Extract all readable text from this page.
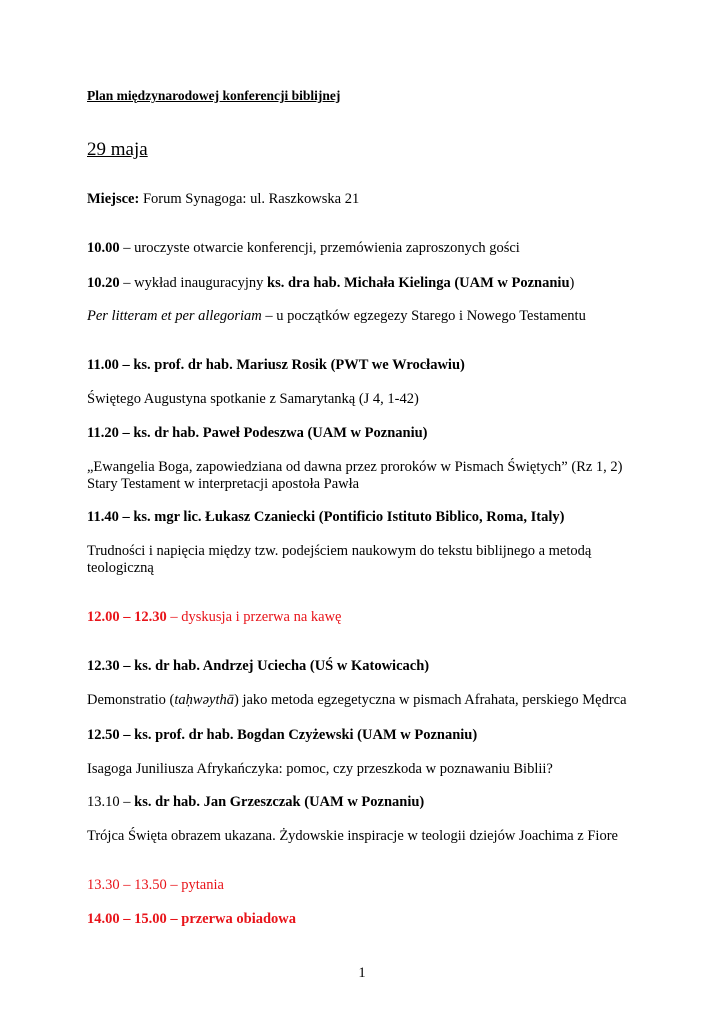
Plan międzynarodowej konferencji biblijnej
29 maja
Miejsce: Forum Synagoga: ul. Raszkowska 21
10.00 – uroczyste otwarcie konferencji, przemówienia zaproszonych gości
10.20 – wykład inauguracyjny ks. dra hab. Michała Kielinga (UAM w Poznaniu)
Per litteram et per allegoriam – u początków egzegezy Starego i Nowego Testamentu
11.00 – ks. prof. dr hab. Mariusz Rosik (PWT we Wrocławiu)
Świętego Augustyna spotkanie z Samarytanką (J 4, 1-42)
11.20 – ks. dr hab. Paweł Podeszwa (UAM w Poznaniu)
„Ewangelia Boga, zapowiedziana od dawna przez proroków w Pismach Świętych” (Rz 1, 2)
Stary Testament w interpretacji apostoła Pawła
11.40 – ks. mgr lic. Łukasz Czaniecki (Pontificio Istituto Biblico, Roma, Italy)
Trudności i napięcia między tzw. podejściem naukowym do tekstu biblijnego a metodą
teologiczną
12.00 – 12.30 – dyskusja i przerwa na kawę
12.30 – ks. dr hab. Andrzej Uciecha (UŚ w Katowicach)
Demonstratio (taḥwəythā) jako metoda egzegetyczna w pismach Afrahata, perskiego Mędrca
12.50 – ks. prof. dr hab. Bogdan Czyżewski (UAM w Poznaniu)
Isagoga Juniliusza Afrykańczyka: pomoc, czy przeszkoda w poznawaniu Biblii?
13.10 – ks. dr hab. Jan Grzeszczak (UAM w Poznaniu)
Trójca Święta obrazem ukazana. Żydowskie inspiracje w teologii dziejów Joachima z Fiore
13.30 – 13.50 – pytania
14.00 – 15.00 – przerwa obiadowa
1
